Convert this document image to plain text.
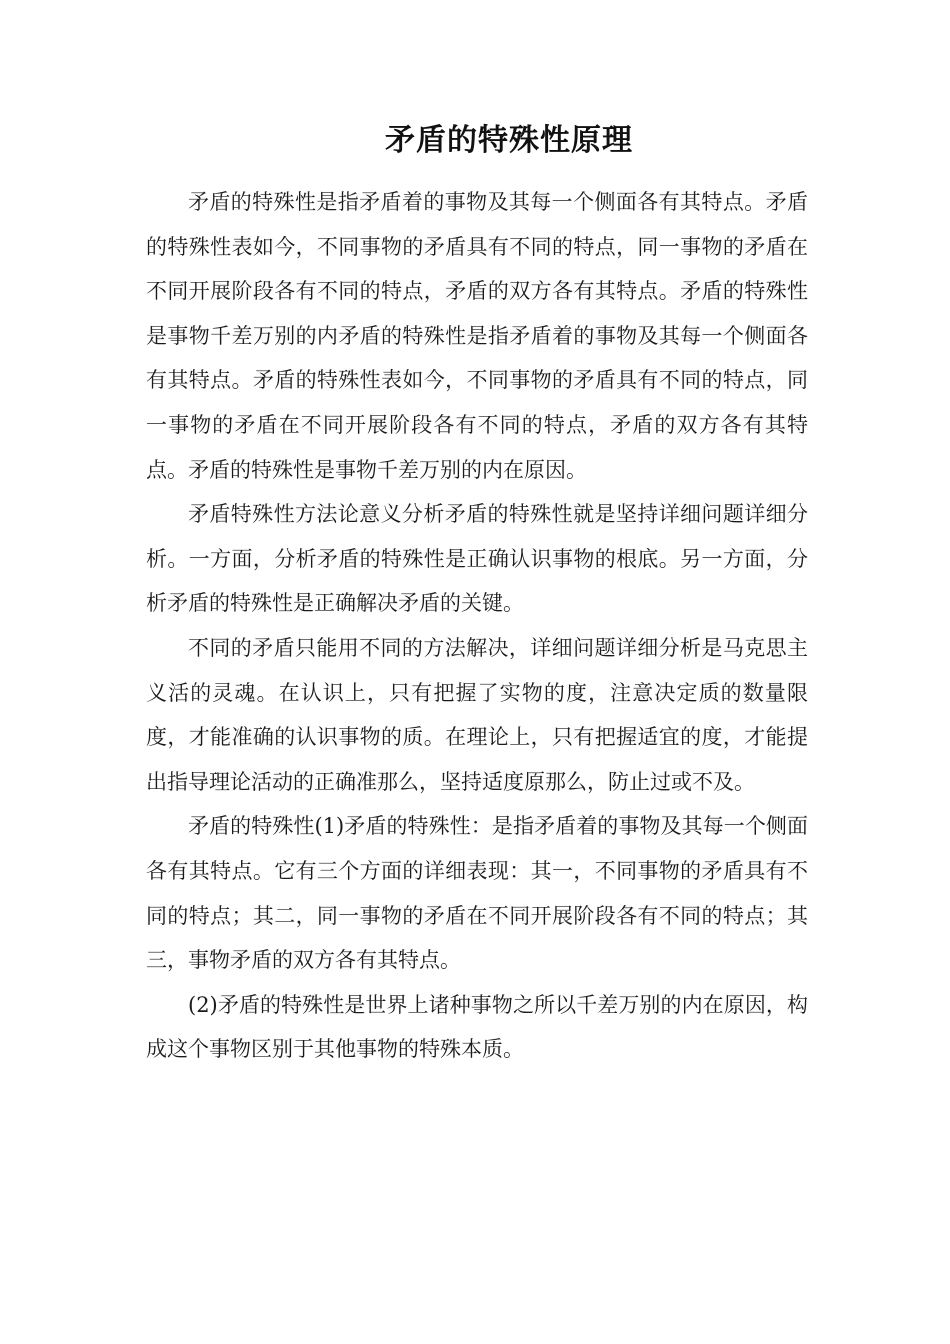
矛盾的特殊性原理

矛盾的特殊性是指矛盾着的事物及其每一个侧面各有其特点。矛盾的特殊性表如今，不同事物的矛盾具有不同的特点，同一事物的矛盾在不同开展阶段各有不同的特点，矛盾的双方各有其特点。矛盾的特殊性是事物千差万别的内矛盾的特殊性是指矛盾着的事物及其每一个侧面各有其特点。矛盾的特殊性表如今，不同事物的矛盾具有不同的特点，同一事物的矛盾在不同开展阶段各有不同的特点，矛盾的双方各有其特点。矛盾的特殊性是事物千差万别的内在原因。

矛盾特殊性方法论意义分析矛盾的特殊性就是坚持详细问题详细分析。一方面，分析矛盾的特殊性是正确认识事物的根底。另一方面，分析矛盾的特殊性是正确解决矛盾的关键。

不同的矛盾只能用不同的方法解决，详细问题详细分析是马克思主义活的灵魂。在认识上，只有把握了实物的度，注意决定质的数量限度，才能准确的认识事物的质。在理论上，只有把握适宜的度，才能提出指导理论活动的正确准那么，坚持适度原那么，防止过或不及。

矛盾的特殊性(1)矛盾的特殊性：是指矛盾着的事物及其每一个侧面各有其特点。它有三个方面的详细表现：其一，不同事物的矛盾具有不同的特点；其二，同一事物的矛盾在不同开展阶段各有不同的特点；其三，事物矛盾的双方各有其特点。

(2)矛盾的特殊性是世界上诸种事物之所以千差万别的内在原因，构成这个事物区别于其他事物的特殊本质。
